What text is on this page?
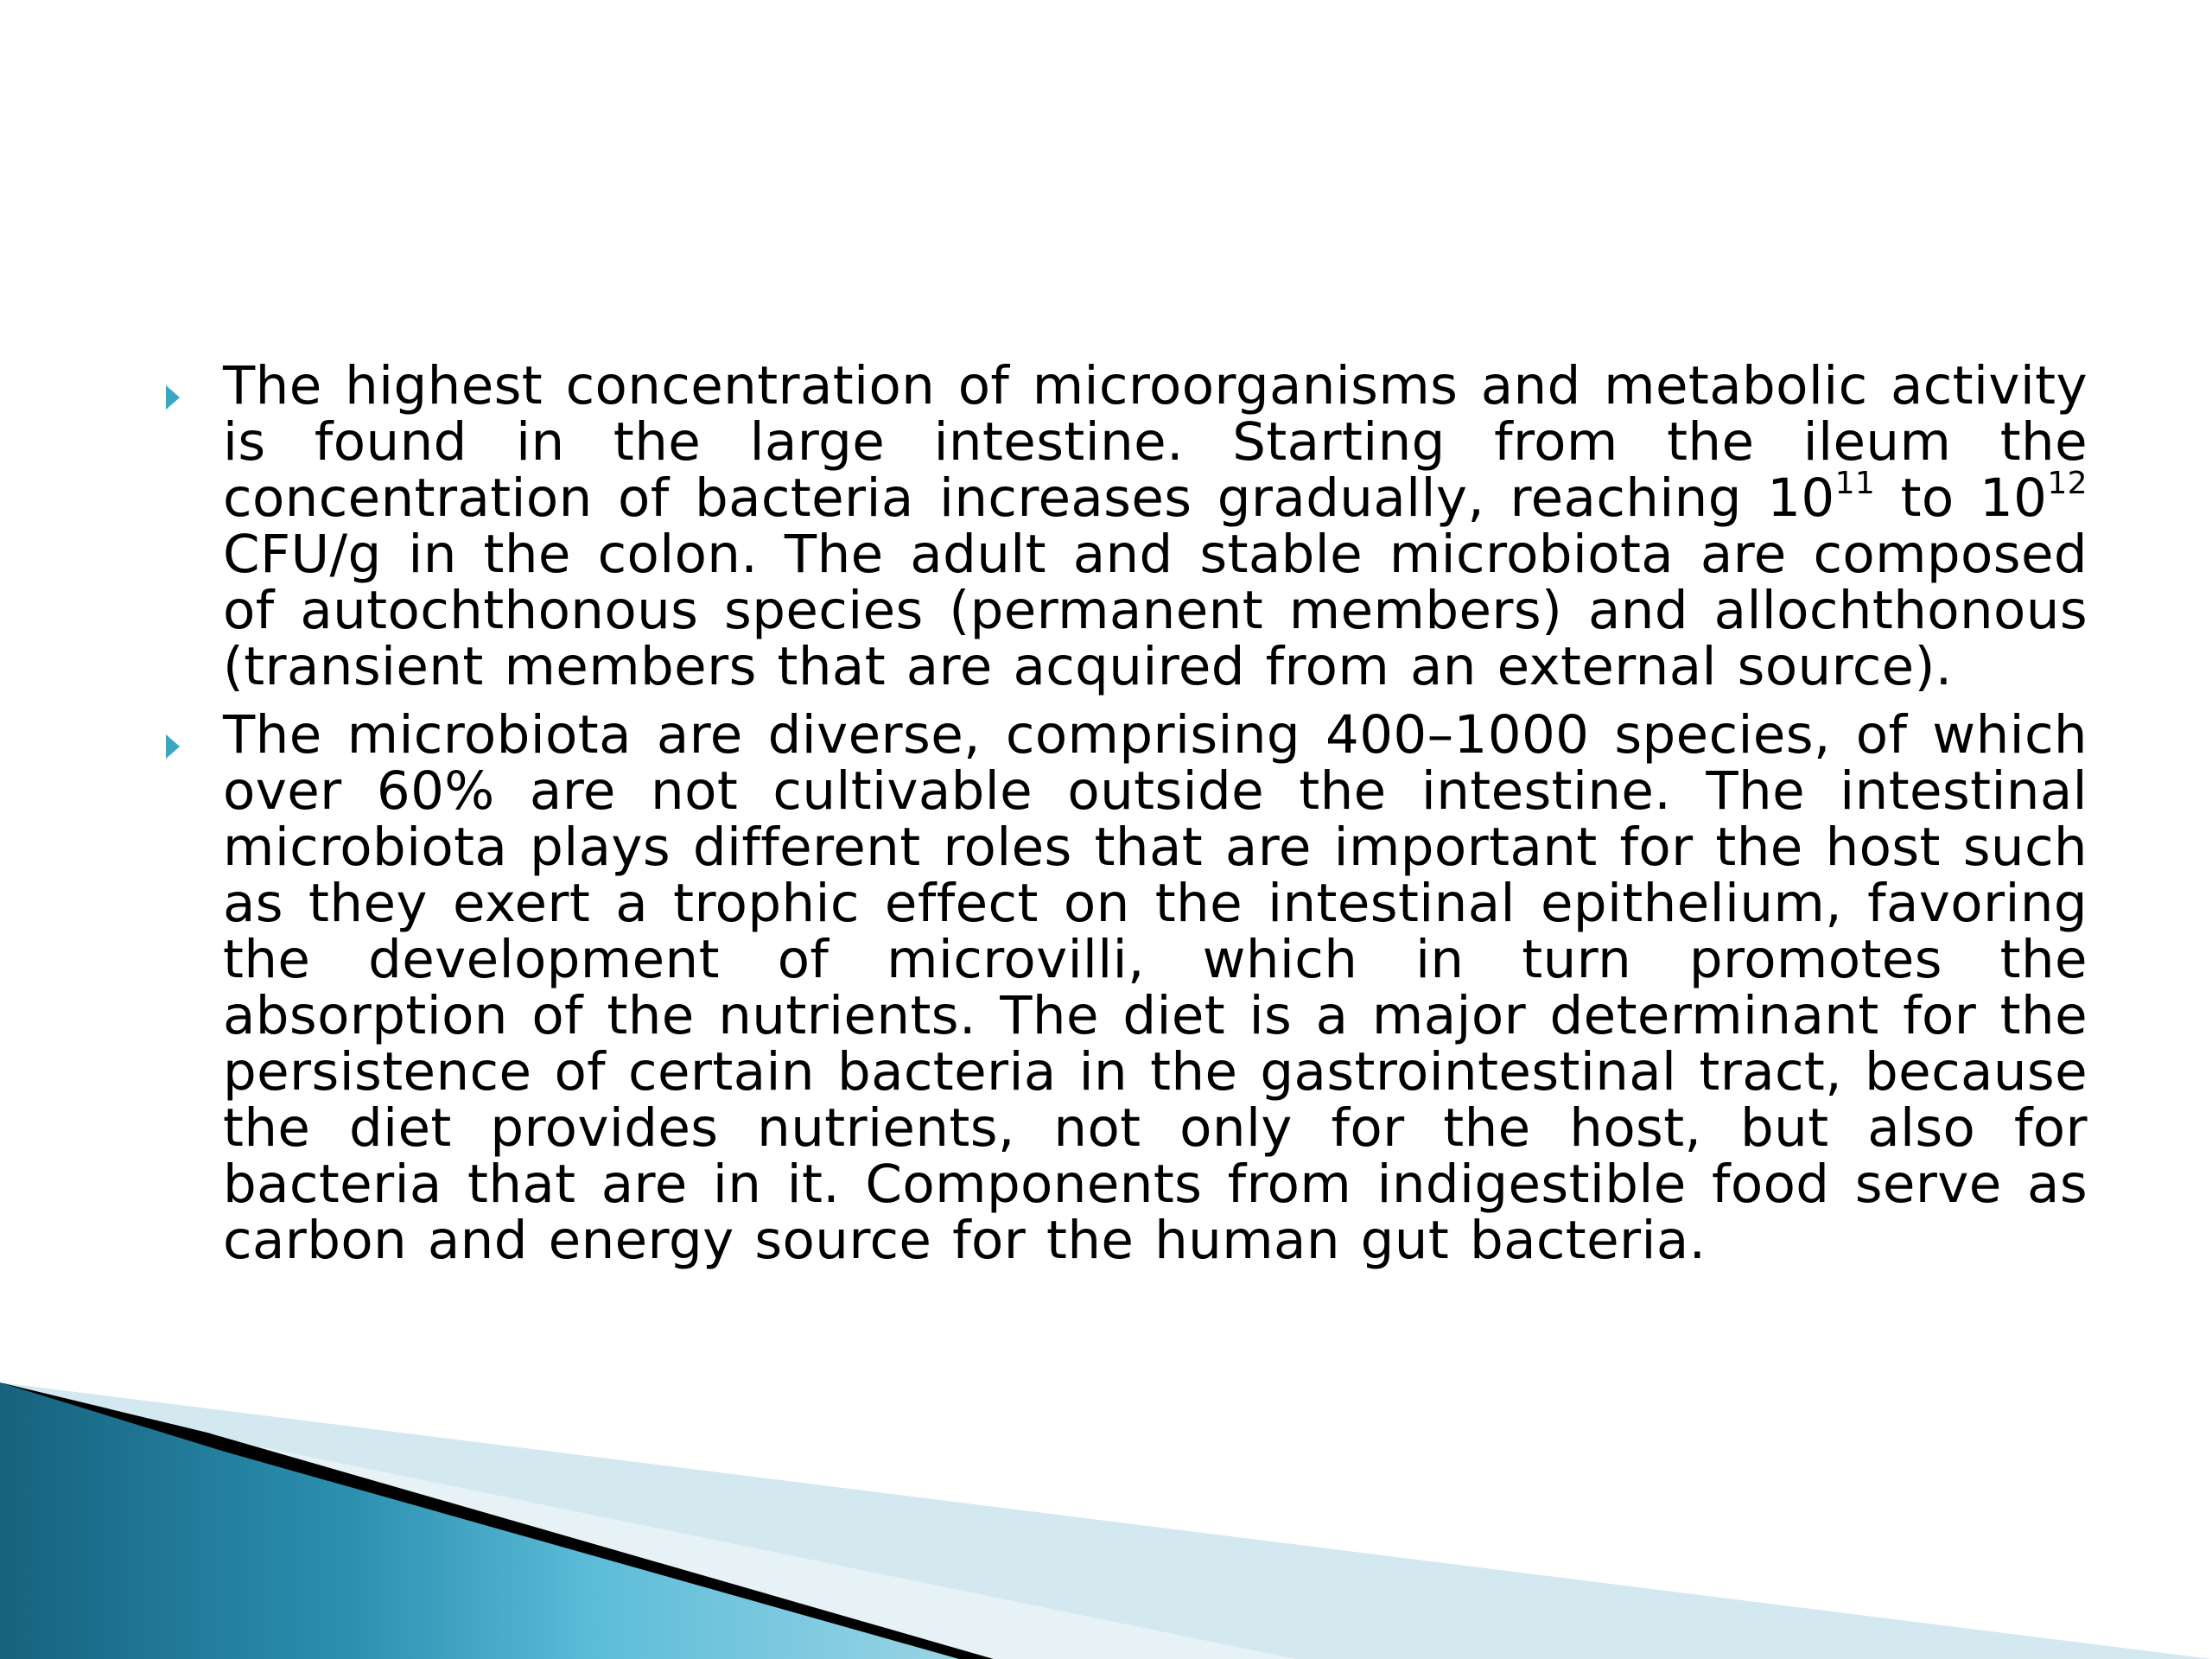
The highest concentration of microorganisms and metabolic activity is found in the large intestine. Starting from the ileum the concentration of bacteria increases gradually, reaching $10^{11}$ to $10^{12}$ CFU/g in the colon. The adult and stable microbiota are composed of autochthonous species (permanent members) and allochthonous (transient members that are acquired from an external source).
The microbiota are diverse, comprising 400–1000 species, of which over 60% are not cultivable outside the intestine. The intestinal microbiota plays different roles that are important for the host such as they exert a trophic effect on the intestinal epithelium, favoring the development of microvilli, which in turn promotes the absorption of the nutrients. The diet is a major determinant for the persistence of certain bacteria in the gastrointestinal tract, because the diet provides nutrients, not only for the host, but also for bacteria that are in it. Components from indigestible food serve as carbon and energy source for the human gut bacteria.
